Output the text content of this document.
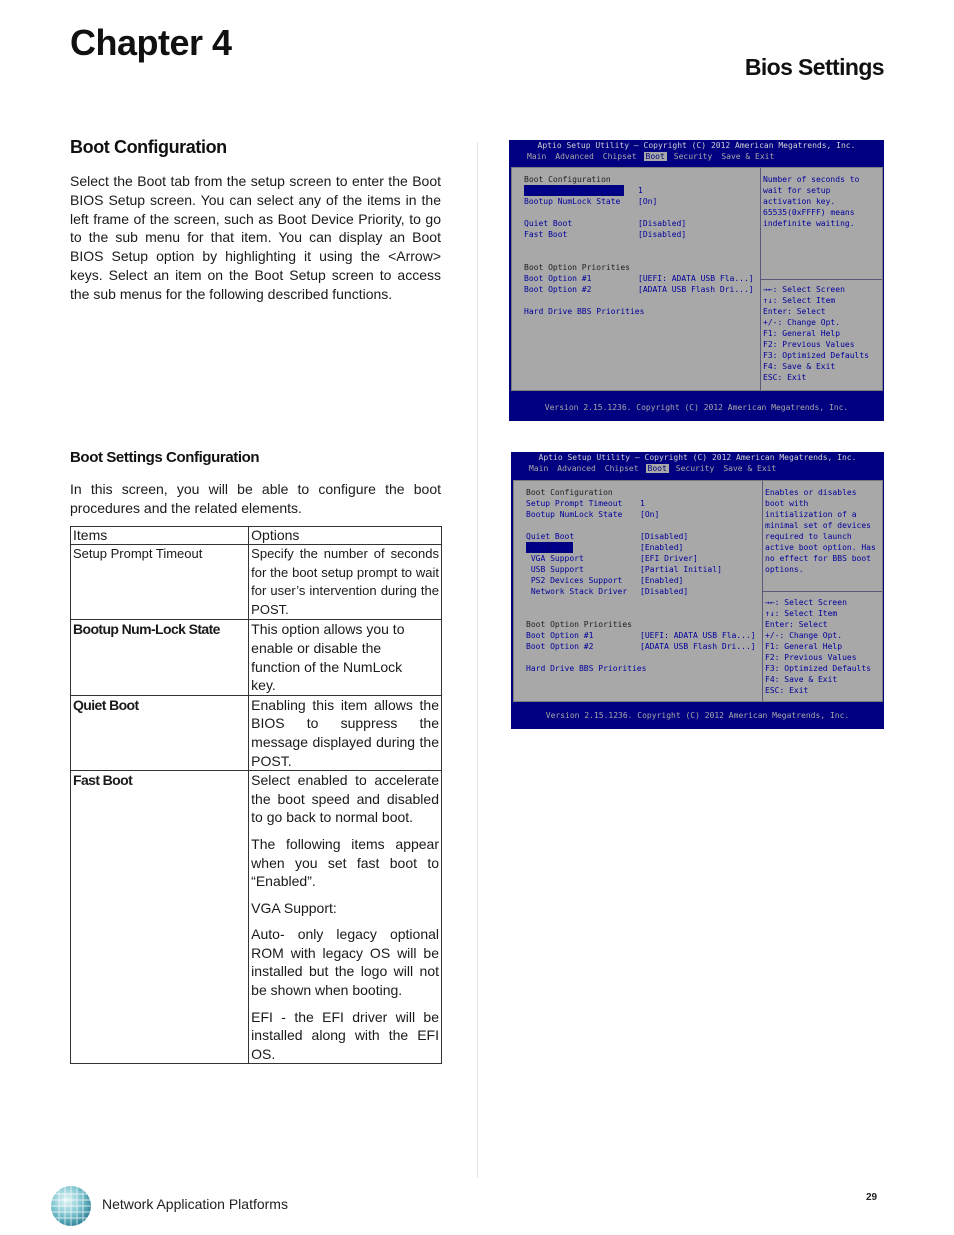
Chapter 4
Bios Settings
Boot Configuration

Select the Boot tab from the setup screen to enter the Boot BIOS Setup screen. You can select any of the items in the left frame of the screen, such as Boot Device Priority, to go to the sub menu for that item. You can display an Boot BIOS Setup option by highlighting it using the <Arrow> keys. Select an item on the Boot Setup screen to access the sub menus for the following described functions.

Boot Settings Configuration

In this screen, you will be able to configure the boot procedures and the related elements.

Items	Options
Setup Prompt Timeout	Specify the number of seconds for the boot setup prompt to wait for user’s intervention during the POST.

Bootup Num-Lock State	This option allows you to enable or disable the function of the NumLock key.

Quiet Boot	Enabling this item allows the BIOS to suppress the message displayed during the POST.

Fast Boot	Select enabled to accelerate the boot speed and disabled to go back to normal boot.
The following items appear when you set fast boot to “Enabled”.
VGA Support:
Auto- only legacy optional ROM with legacy OS will be installed but the logo will not be shown when booting.
EFI - the EFI driver will be installed along with the EFI OS.
Aptio Setup Utility – Copyright (C) 2012 American Megatrends, Inc.
Main Advanced Chipset Boot Security Save & Exit
Boot Configuration
Setup Prompt Timeout 1
Bootup NumLock State [On]
Quiet Boot	[Disabled]
Fast Boot	[Disabled]
Boot Option Priorities
Boot Option #1	[UEFI: ADATA USB Fla...]
Boot Option #2	[ADATA USB Flash Dri...]
Hard Drive BBS Priorities
Number of seconds to
wait for setup
activation key.
65535(0xFFFF) means
indefinite waiting.
→←: Select Screen
↑↓: Select Item
Enter: Select
+/-: Change Opt.
F1: General Help
F2: Previous Values
F3: Optimized Defaults
F4: Save & Exit
ESC: Exit
Version 2.15.1236. Copyright (C) 2012 American Megatrends, Inc.
Aptio Setup Utility – Copyright (C) 2012 American Megatrends, Inc.
Main Advanced Chipset Boot Security Save & Exit
Boot Configuration
Setup Prompt Timeout 1
Bootup NumLock State [On]
Quiet Boot	[Disabled]
Fast Boot	[Enabled]
VGA Support	[EFI Driver]
USB Support	[Partial Initial]
PS2 Devices Support [Enabled]
Network Stack Driver [Disabled]
Boot Option Priorities
Boot Option #1	[UEFI: ADATA USB Fla...]
Boot Option #2	[ADATA USB Flash Dri...]
Hard Drive BBS Priorities
Enables or disables
boot with
initialization of a
minimal set of devices
required to launch
active boot option. Has
no effect for BBS boot
options.
→←: Select Screen
↑↓: Select Item
Enter: Select
+/-: Change Opt.
F1: General Help
F2: Previous Values
F3: Optimized Defaults
F4: Save & Exit
ESC: Exit
Version 2.15.1236. Copyright (C) 2012 American Megatrends, Inc.
Network Application Platforms	29
